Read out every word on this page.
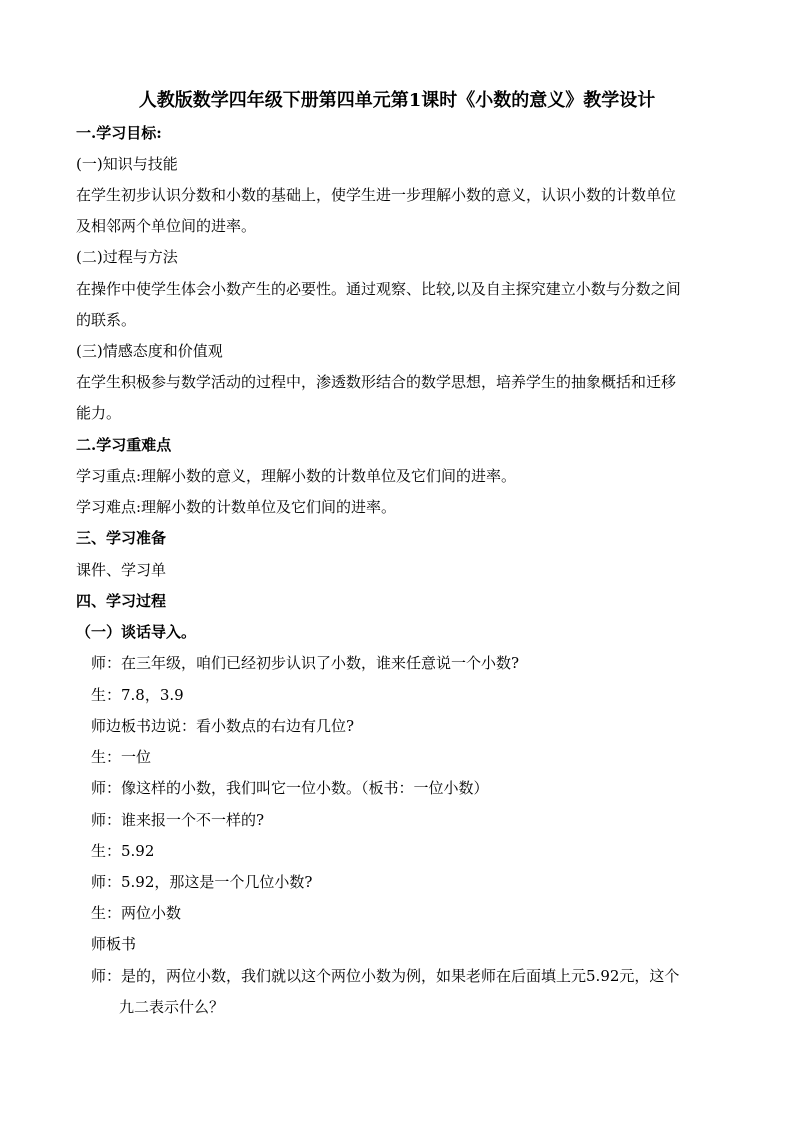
人教版数学四年级下册第四单元第1课时《小数的意义》教学设计
一.学习目标:
(一)知识与技能
在学生初步认识分数和小数的基础上，使学生进一步理解小数的意义，认识小数的计数单位
及相邻两个单位间的进率。
(二)过程与方法
在操作中使学生体会小数产生的必要性。通过观察、比较,以及自主探究建立小数与分数之间
的联系。
(三)情感态度和价值观
在学生积极参与数学活动的过程中，渗透数形结合的数学思想，培养学生的抽象概括和迁移
能力。
二.学习重难点
学习重点:理解小数的意义，理解小数的计数单位及它们间的进率。
学习难点:理解小数的计数单位及它们间的进率。
三、学习准备
课件、学习单
四、学习过程
（一）谈话导入。
师：在三年级，咱们已经初步认识了小数，谁来任意说一个小数?
生：7.8，3.9
师边板书边说：看小数点的右边有几位?
生：一位
师：像这样的小数，我们叫它一位小数。（板书：一位小数）
师：谁来报一个不一样的?
生：5.92
师：5.92，那这是一个几位小数?
生：两位小数
师板书
师：是的，两位小数，我们就以这个两位小数为例，如果老师在后面填上元5.92元，这个
九二表示什么？
